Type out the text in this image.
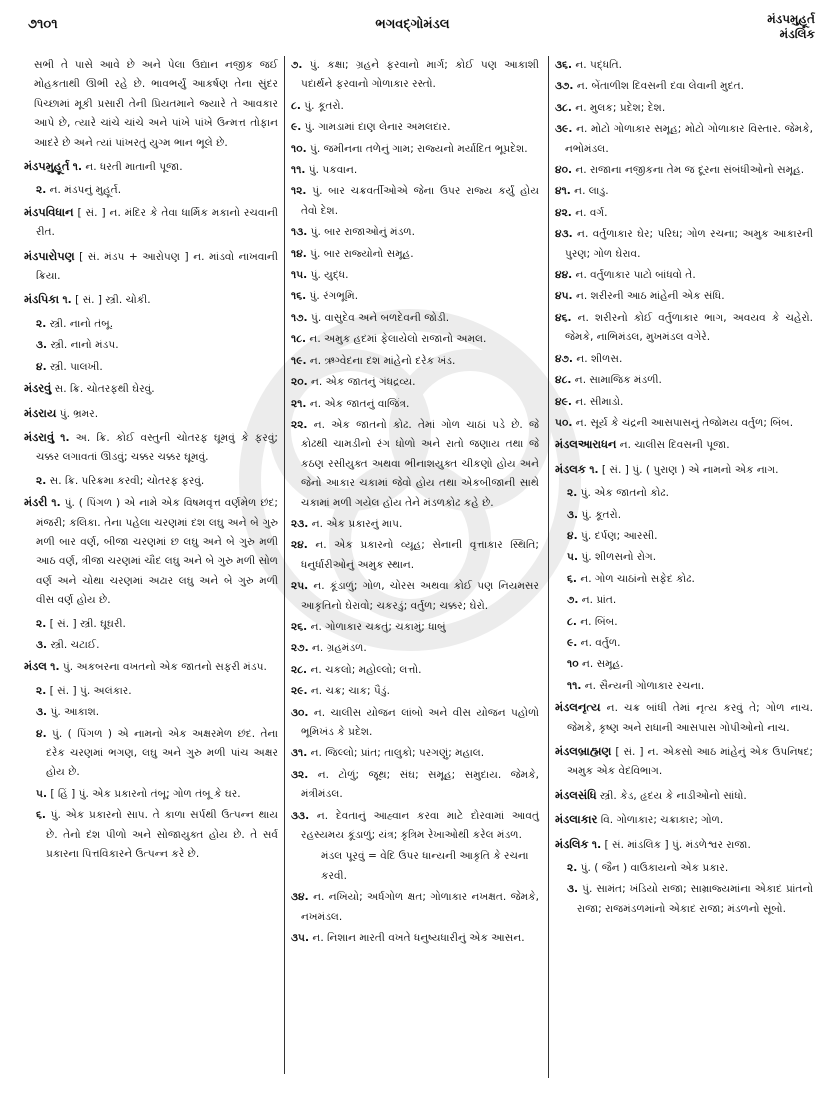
૭૧૦૧	ભગવદ્ગોમંડલ	મંડપમુહૂર્ત
મંડલિક

સભી તે પાસે આવે છે અને પેલા ઉદ્યાન નજીક જઈ મોહકતાથી ઊભી રહે છે. ભાવભર્યું આકર્ષણ તેના સુંદર પિચ્છામાં મૂકી પ્રસારી તેની પ્રિયતમાને જ્યારે તે આવકાર આપે છે, ત્યારે ચાંચે ચાંચે અને પાંખે પાંખે ઉન્મત્ત તોફાન આદરે છે અને ત્યાં પાંખરતું યુગ્મ ભાન ભૂલે છે.

મંડપમુહૂર્ત ૧. ન. ધરતી માતાની પૂજા.

૨. ન. મંડપનું મુહૂર્ત.

મંડપવિધાન [ સં. ] ન. મંદિર કે તેવા ધાર્મિક મકાનો રચવાની રીત.

મંડપારોપણ [ સં. મંડપ + આરોપણ ] ન. માંડવો નાખવાની ક્રિયા.

મંડપિકા ૧. [ સં. ] સ્ત્રી. ચોકી.

૨. સ્ત્રી. નાનો તંબૂ.

૩. સ્ત્રી. નાનો મંડપ.

૪. સ્ત્રી. પાલખી.

મંડરવું સ. ક્રિ. ચોતરફથી ઘેરવું.

મંડરાય પું. ભ્રમર.

મંડરાવું ૧. અ. ક્રિ. કોઈ વસ્તુની ચોતરફ ઘૂમવું કે ફરવું; ચક્કર લગાવતાં ઊડવું; ચક્કર ચક્કર ઘૂમવું.

૨. સ. ક્રિ. પરિક્રમા કરવી; ચોતરફ ફરવું.

મંડરી ૧. પું. ( પિંગળ ) એ નામે એક વિષમવૃત્ત વર્ણમેળ છંદ; મંજરી; કલિકા. તેના પહેલા ચરણમાં દશ લઘુ અને બે ગુરુ મળી બાર વર્ણ, બીજા ચરણમાં છ લઘુ અને બે ગુરુ મળી આઠ વર્ણ, ત્રીજા ચરણમાં ચૌદ લઘુ અને બે ગુરુ મળી સોળ વર્ણ અને ચોથા ચરણમાં અઢાર લઘુ અને બે ગુરુ મળી વીસ વર્ણ હોય છે.

૨. [ સં. ] સ્ત્રી. ઘૂઘરી.

૩. સ્ત્રી. ચટાઈ.

મંડલ ૧. પું. અકબરના વખતનો એક જાતનો સફરી મંડપ.

૨. [ સં. ] પું. અલંકાર.

૩. પું. આકાશ.

૪. પું. ( પિંગળ ) એ નામનો એક અક્ષરમેળ છંદ. તેના દરેક ચરણમાં ભગણ, લઘુ અને ગુરુ મળી પાંચ અક્ષર હોય છે.

૫. [ હિં ] પું. એક પ્રકારનો તંબૂ; ગોળ તંબૂ કે ઘર.

૬. પું. એક પ્રકારનો સાપ. તે કાળા સર્પથી ઉત્પન્ન થાય છે. તેનો દંશ પીળો અને સોજાયુક્ત હોય છે. તે સર્વ પ્રકારના પિત્તવિકારને ઉત્પન્ન કરે છે.

૭. પું. કક્ષા; ગ્રહને ફરવાનો માર્ગ; કોઈ પણ આકાશી પદાર્થને ફરવાનો ગોળાકાર રસ્તો.

૮. પું. કૂતરો.

૯. પું. ગામડામાં દાણ લેનાર અમલદાર.

૧૦. પું. જમીનના તળેનું ગામ; રાજ્યનો મર્યાદિત ભૂપ્રદેશ.

૧૧. પું. પકવાન.

૧૨. પું. બાર ચક્રવર્તીઓએ જેના ઉપર રાજ્ય કર્યું હોય તેવો દેશ.

૧૩. પું. બાર રાજાઓનું મંડળ.

૧૪. પું. બાર રાજ્યોનો સમૂહ.

૧૫. પું. યુદ્ધ.

૧૬. પું. રંગભૂમિ.

૧૭. પું. વાસુદેવ અને બળદેવની જોડી.

૧૮. ન. અમુક હદમાં ફેલાયેલો રાજાનો અમલ.

૧૯. ન. ઋગ્વેદના દશ માંહેનો દરેક ખંડ.

૨૦. ન. એક જાતનું ગંધદ્રવ્ય.

૨૧. ન. એક જાતનું વાજિંત્ર.

૨૨. ન. એક જાતનો કોઢ. તેમાં ગોળ ચાઠાં પડે છે. જે કોઢથી ચામડીનો રંગ ધોળો અને રાતો જણાય તથા જે કઠણ રસીયુક્ત અથવા ભીનાશયુક્ત ચીકણો હોય અને જેનો આકાર ચકામાં જેવો હોય તથા એકબીજાની સાથે ચકામાં મળી ગયેલ હોય તેને મંડળકોઢ કહે છે.

૨૩. ન. એક પ્રકારનું માપ.

૨૪. ન. એક પ્રકારનો વ્યૂહ; સેનાની વૃત્તાકાર સ્થિતિ; ધનુર્ધારીઓનું અમુક સ્થાન.

૨૫. ન. કૂંડાળું; ગોળ, ચોરસ અથવા કોઈ પણ નિયમસર આકૃતિનો ઘેરાવો; ચકરડું; વર્તુળ; ચક્કર; ઘેરો.

૨૬. ન. ગોળાકાર ચકતું; ચકામું; ધાબું

૨૭. ન. ગ્રહમંડળ.

૨૮. ન. ચકલો; મહોલ્લો; લત્તો.

૨૯. ન. ચક્ર; ચાક; પૈડું.

૩૦. ન. ચાલીસ યોજન લાંબો અને વીસ યોજન પહોળો ભૂમિખંડ કે પ્રદેશ.

૩૧. ન. જિલ્લો; પ્રાંત; તાલુકો; પરગણું; મહાલ.

૩૨. ન. ટોળું; જૂથ; સંઘ; સમૂહ; સમુદાય. જેમકે, મંત્રીમંડલ.

૩૩. ન. દેવતાનું આહ્વાન કરવા માટે દોરવામાં આવતું રહસ્યમય કૂંડાળું; યંત્ર; કૃત્રિમ રેખાઓથી કરેલ મંડળ.

મંડલ પૂરવું = વેદિ ઉપર ધાન્યની આકૃતિ કે રચના કરવી.

૩૪. ન. નખિયો; અર્ધગોળ ક્ષત; ગોળાકાર નખક્ષત. જેમકે, નખમંડલ.

૩૫. ન. નિશાન મારતી વખતે ધનુષ્યધારીનું એક આસન.

૩૬. ન. પદ્ધતિ.

૩૭. ન. બેંતાળીશ દિવસની દવા લેવાની મુદત.

૩૮. ન. મુલક; પ્રદેશ; દેશ.

૩૯. ન. મોટો ગોળાકાર સમૂહ; મોટો ગોળાકાર વિસ્તાર. જેમકે, નભોમંડલ.

૪૦. ન. રાજાના નજીકના તેમ જ દૂરના સંબંધીઓનો સમૂહ.

૪૧. ન. લાડુ.

૪૨. ન. વર્ગ.

૪૩. ન. વર્તુળાકાર ઘેર; પરિઘ; ગોળ રચના; અમુક આકારની પુરણ; ગોળ ઘેરાવ.

૪૪. ન. વર્તુળાકાર પાટો બાંધવો તે.

૪૫. ન. શરીરની આઠ માંહેની એક સંધિ.

૪૬. ન. શરીરનો કોઈ વર્તુળાકાર ભાગ, અવયવ કે ચહેરો. જેમકે, નાભિમંડલ, મુખમંડલ વગેરે.

૪૭. ન. શીળસ.

૪૮. ન. સામાજિક મંડળી.

૪૯. ન. સીમાડો.

૫૦. ન. સૂર્ય કે ચંદ્રની આસપાસનું તેજોમય વર્તુળ; બિંબ.

મંડલઆરાધન ન. ચાલીસ દિવસની પૂજા.

મંડલક ૧. [ સં. ] પું. ( પુરાણ ) એ નામનો એક નાગ.

૨. પું. એક જાતનો કોઢ.

૩. પું. કૂતરો.

૪. પું. દર્પણ; આરસી.

૫. પું. શીળસનો રોગ.

૬. ન. ગોળ ચાઠાંનો સફેદ કોઢ.

૭. ન. પ્રાંત.

૮. ન. બિંબ.

૯. ન. વર્તુળ.

૧૦ ન. સમૂહ.

૧૧. ન. સૈન્યની ગોળાકાર રચના.

મંડલનૃત્ય ન. ચક્ર બાંધી તેમાં નૃત્ય કરવું તે; ગોળ નાચ. જેમકે, કૃષ્ણ અને રાધાની આસપાસ ગોપીઓનો નાચ.

મંડલબ્રાહ્મણ [ સં. ] ન. એકસો આઠ માંહેનું એક ઉપનિષદ; અમુક એક વેદવિભાગ.

મંડલસંધિ સ્ત્રી. કેડ, હૃદય કે નાડીઓનો સાંધો.

મંડલાકાર વિ. ગોળાકાર; ચક્રાકાર; ગોળ.

મંડલિક ૧. [ સં. માંડલિક ] પું. મંડળેશ્વર રાજા.

૨. પું. ( જૈન ) વાઉકાયનો એક પ્રકાર.

૩. પું. સામંત; ખંડિયો રાજા; સામ્રાજ્યમાંના એકાદ પ્રાંતનો રાજા; રાજમંડળમાંનો એકાદ રાજા; મંડળનો સૂબો.
